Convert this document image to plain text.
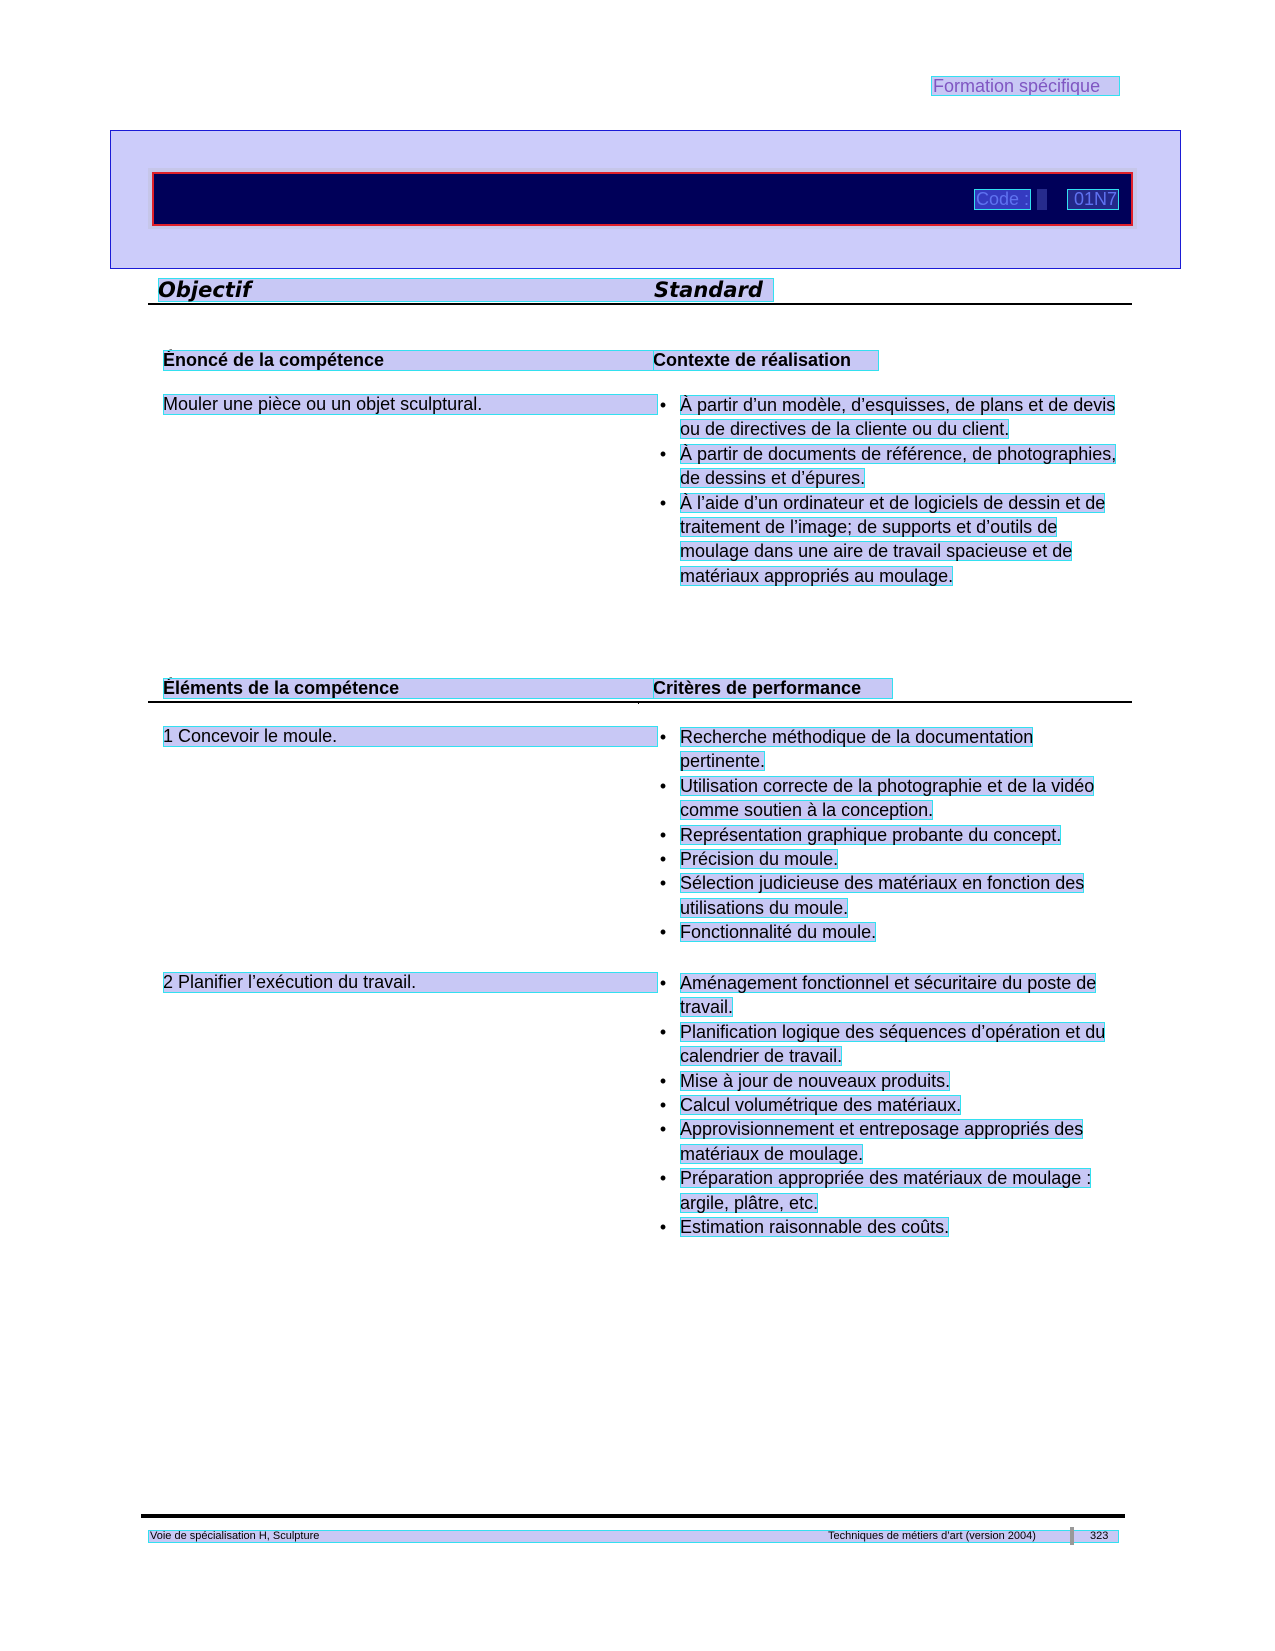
Formation spécifique
Code :	01N7
Objectif	Standard
Énoncé de la compétence	Contexte de réalisation
Mouler une pièce ou un objet sculptural.	• À partir d’un modèle, d’esquisses, de plans et de devis ou de directives de la cliente ou du client.
• À partir de documents de référence, de photographies, de dessins et d’épures.
• À l’aide d’un ordinateur et de logiciels de dessin et de traitement de l’image; de supports et d’outils de moulage dans une aire de travail spacieuse et de matériaux appropriés au moulage.
Éléments de la compétence	Critères de performance
1 Concevoir le moule.	• Recherche méthodique de la documentation pertinente.
• Utilisation correcte de la photographie et de la vidéo comme soutien à la conception.
• Représentation graphique probante du concept.
• Précision du moule.
• Sélection judicieuse des matériaux en fonction des utilisations du moule.
• Fonctionnalité du moule.
2 Planifier l’exécution du travail.	• Aménagement fonctionnel et sécuritaire du poste de travail.
• Planification logique des séquences d’opération et du calendrier de travail.
• Mise à jour de nouveaux produits.
• Calcul volumétrique des matériaux.
• Approvisionnement et entreposage appropriés des matériaux de moulage.
• Préparation appropriée des matériaux de moulage : argile, plâtre, etc.
• Estimation raisonnable des coûts.
Voie de spécialisation H, Sculpture	Techniques de métiers d’art (version 2004)	323
